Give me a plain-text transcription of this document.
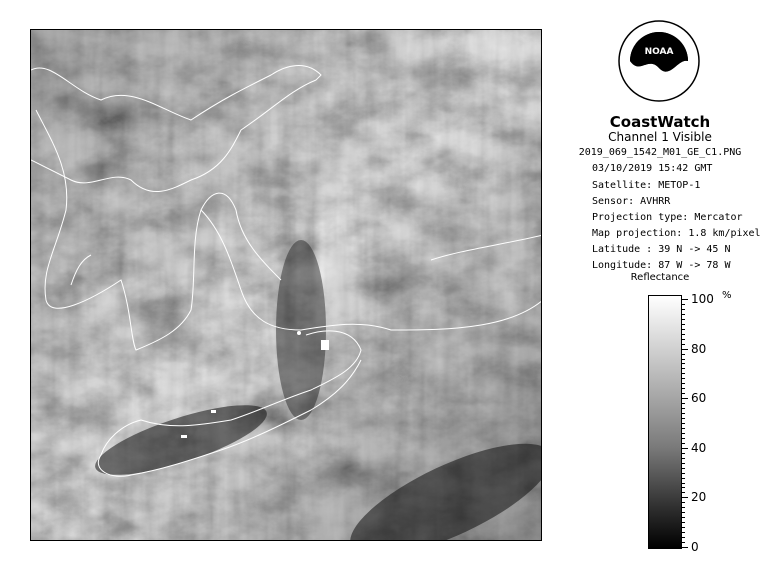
NOAA
CoastWatch
Channel 1 Visible
2019_069_1542_M01_GE_C1.PNG
03/10/2019 15:42 GMT
Satellite: METOP-1
Sensor: AVHRR
Projection type: Mercator
Map projection: 1.8 km/pixel
Latitude : 39 N -> 45 N
Longitude: 87 W -> 78 W
Reflectance
%
100
80
60
40
20
0
